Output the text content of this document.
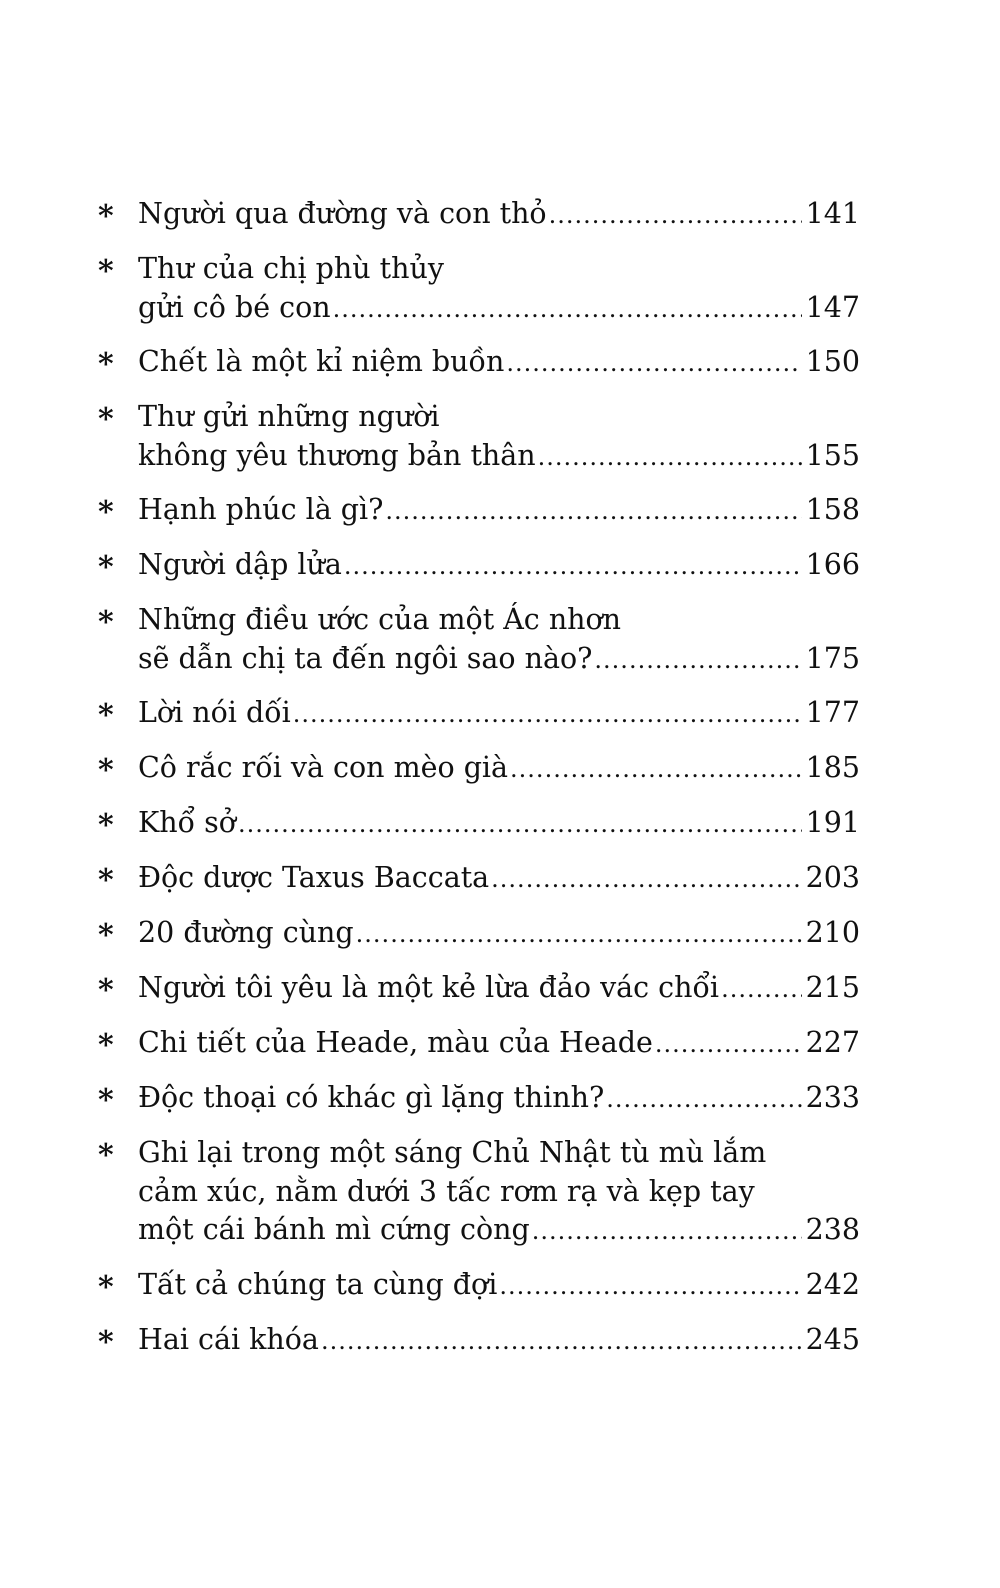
* Người qua đường và con thỏ .....	141
* Thư của chị phù thủy
gửi cô bé con .....	147
* Chết là một kỉ niệm buồn .....	150
* Thư gửi những người
không yêu thương bản thân .....	155
* Hạnh phúc là gì? .....	158
* Người dập lửa .....	166
* Những điều ước của một Ác nhơn
sẽ dẫn chị ta đến ngôi sao nào? .....	175
* Lời nói dối .....	177
* Cô rắc rối và con mèo già .....	185
* Khổ sở .....	191
* Độc dược Taxus Baccata .....	203
* 20 đường cùng .....	210
* Người tôi yêu là một kẻ lừa đảo vác chổi .....	215
* Chi tiết của Heade, màu của Heade .....	227
* Độc thoại có khác gì lặng thinh? .....	233
* Ghi lại trong một sáng Chủ Nhật tù mù lắm
cảm xúc, nằm dưới 3 tấc rơm rạ và kẹp tay
một cái bánh mì cứng còng .....	238
* Tất cả chúng ta cùng đợi .....	242
* Hai cái khóa .....	245
